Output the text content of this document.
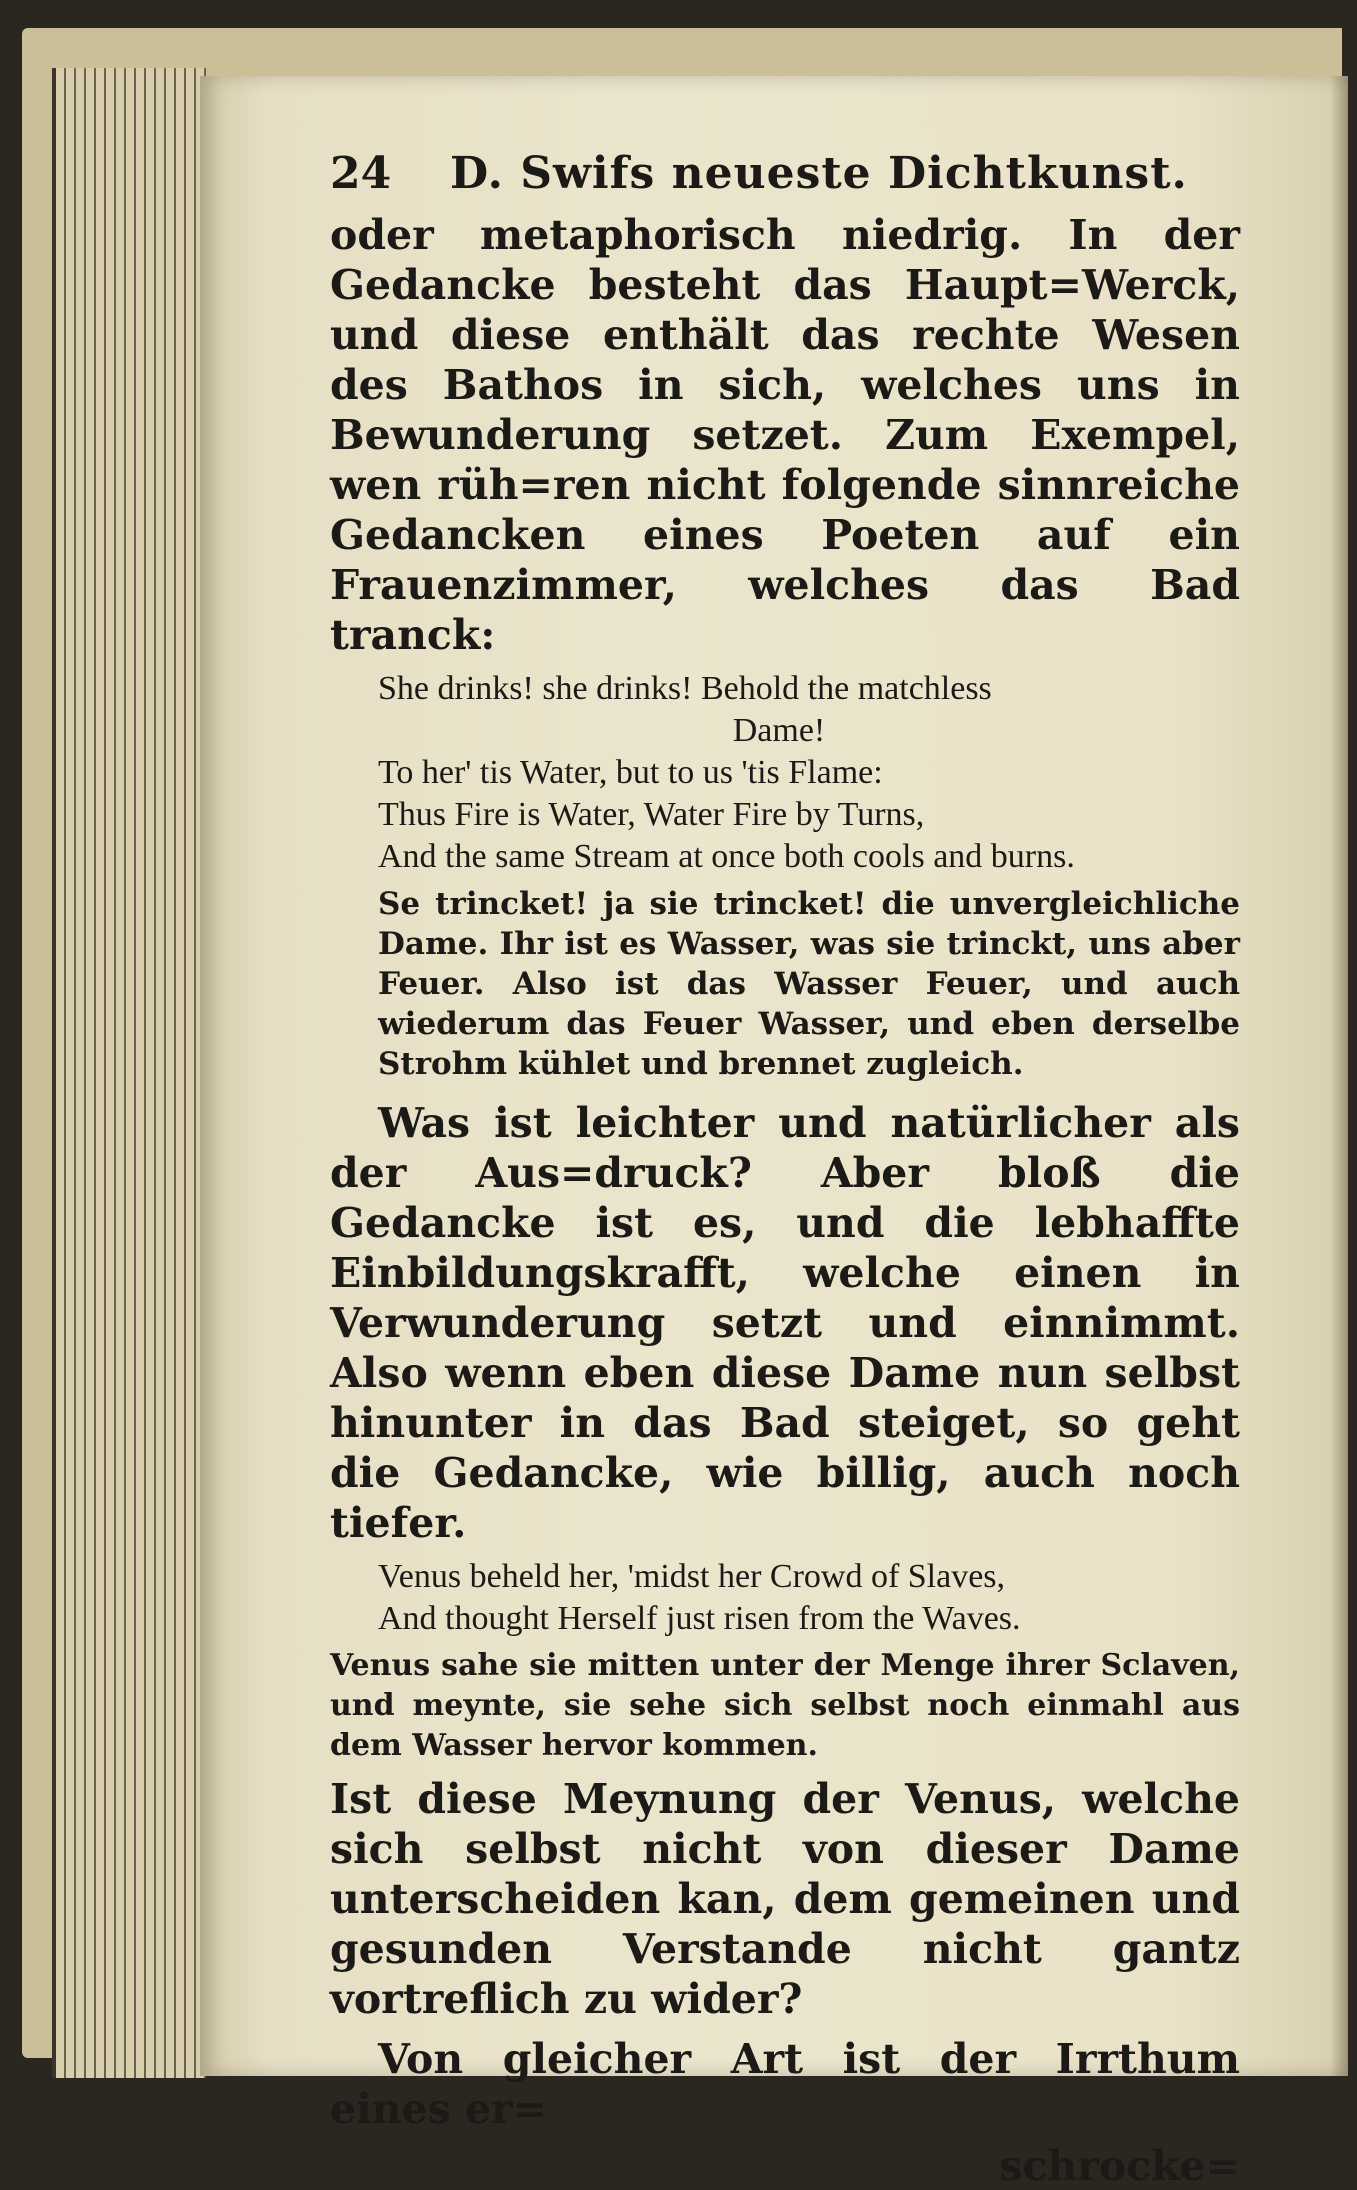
24 D. Swifs neueste Dichtkunst.

oder metaphorisch niedrig. In der Gedancke besteht das Haupt=Werck, und diese enthält das rechte Wesen des Bathos in sich, welches uns in Bewunderung setzet. Zum Exempel, wen rüh=ren nicht folgende sinnreiche Gedancken eines Poeten auf ein Frauenzimmer, welches das Bad tranck:

She drinks! she drinks! Behold the matchless
Dame!
To her' tis Water, but to us 'tis Flame:
Thus Fire is Water, Water Fire by Turns,
And the same Stream at once both cools and burns.

Se trincket! ja sie trincket! die unvergleichliche Dame. Ihr ist es Wasser, was sie trinckt, uns aber Feuer. Also ist das Wasser Feuer, und auch wiederum das Feuer Wasser, und eben derselbe Strohm kühlet und brennet zugleich.

Was ist leichter und natürlicher als der Aus=druck? Aber bloß die Gedancke ist es, und die lebhaffte Einbildungskrafft, welche einen in Verwunderung setzt und einnimmt. Also wenn eben diese Dame nun selbst hinunter in das Bad steiget, so geht die Gedancke, wie billig, auch noch tiefer.

Venus beheld her, 'midst her Crowd of Slaves,
And thought Herself just risen from the Waves.

Venus sahe sie mitten unter der Menge ihrer Sclaven, und meynte, sie sehe sich selbst noch einmahl aus dem Wasser hervor kommen.

Ist diese Meynung der Venus, welche sich selbst nicht von dieser Dame unterscheiden kan, dem gemeinen und gesunden Verstande nicht gantz vortreflich zu wider?

Von gleicher Art ist der Irrthum eines er=

schrocke=
